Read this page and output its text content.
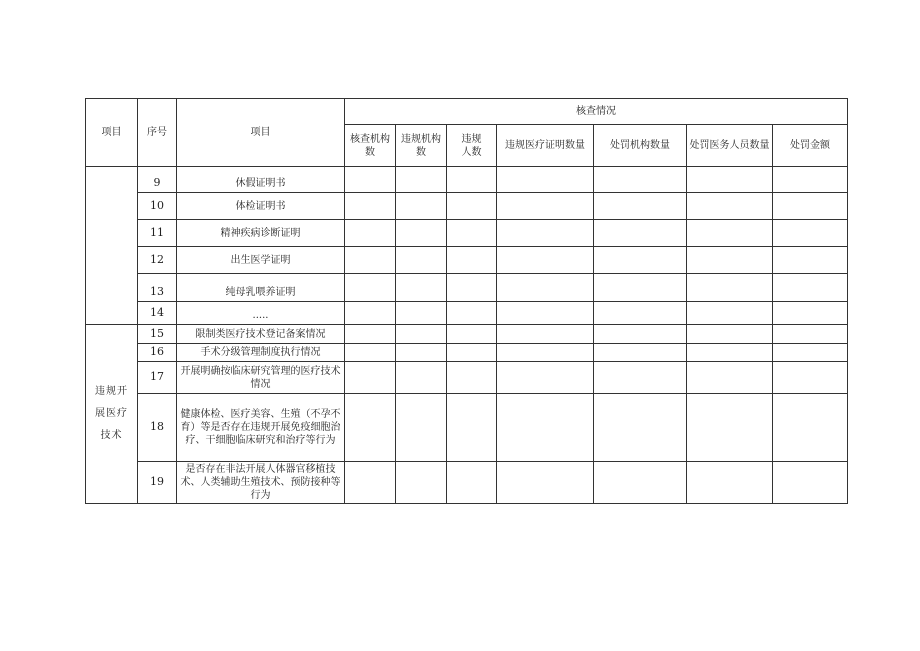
项目	序号	项目	核查情况						
			核查机构数	违规机构数	违规人数	违规医疗证明数量	处罚机构数量	处罚医务人员数量	处罚金额
	9	休假证明书							
	10	体检证明书							
	11	精神疾病诊断证明							
	12	出生医学证明							
	13	纯母乳喂养证明							
	14	.....							
违规开展医疗技术	15	限制类医疗技术登记备案情况							
	16	手术分级管理制度执行情况							
	17	开展明确按临床研究管理的医疗技术情况							
	18	健康体检、医疗美容、生殖（不孕不育）等是否存在违规开展免疫细胞治疗、干细胞临床研究和治疗等行为							
	19	是否存在非法开展人体器官移植技术、人类辅助生殖技术、预防接种等行为							
